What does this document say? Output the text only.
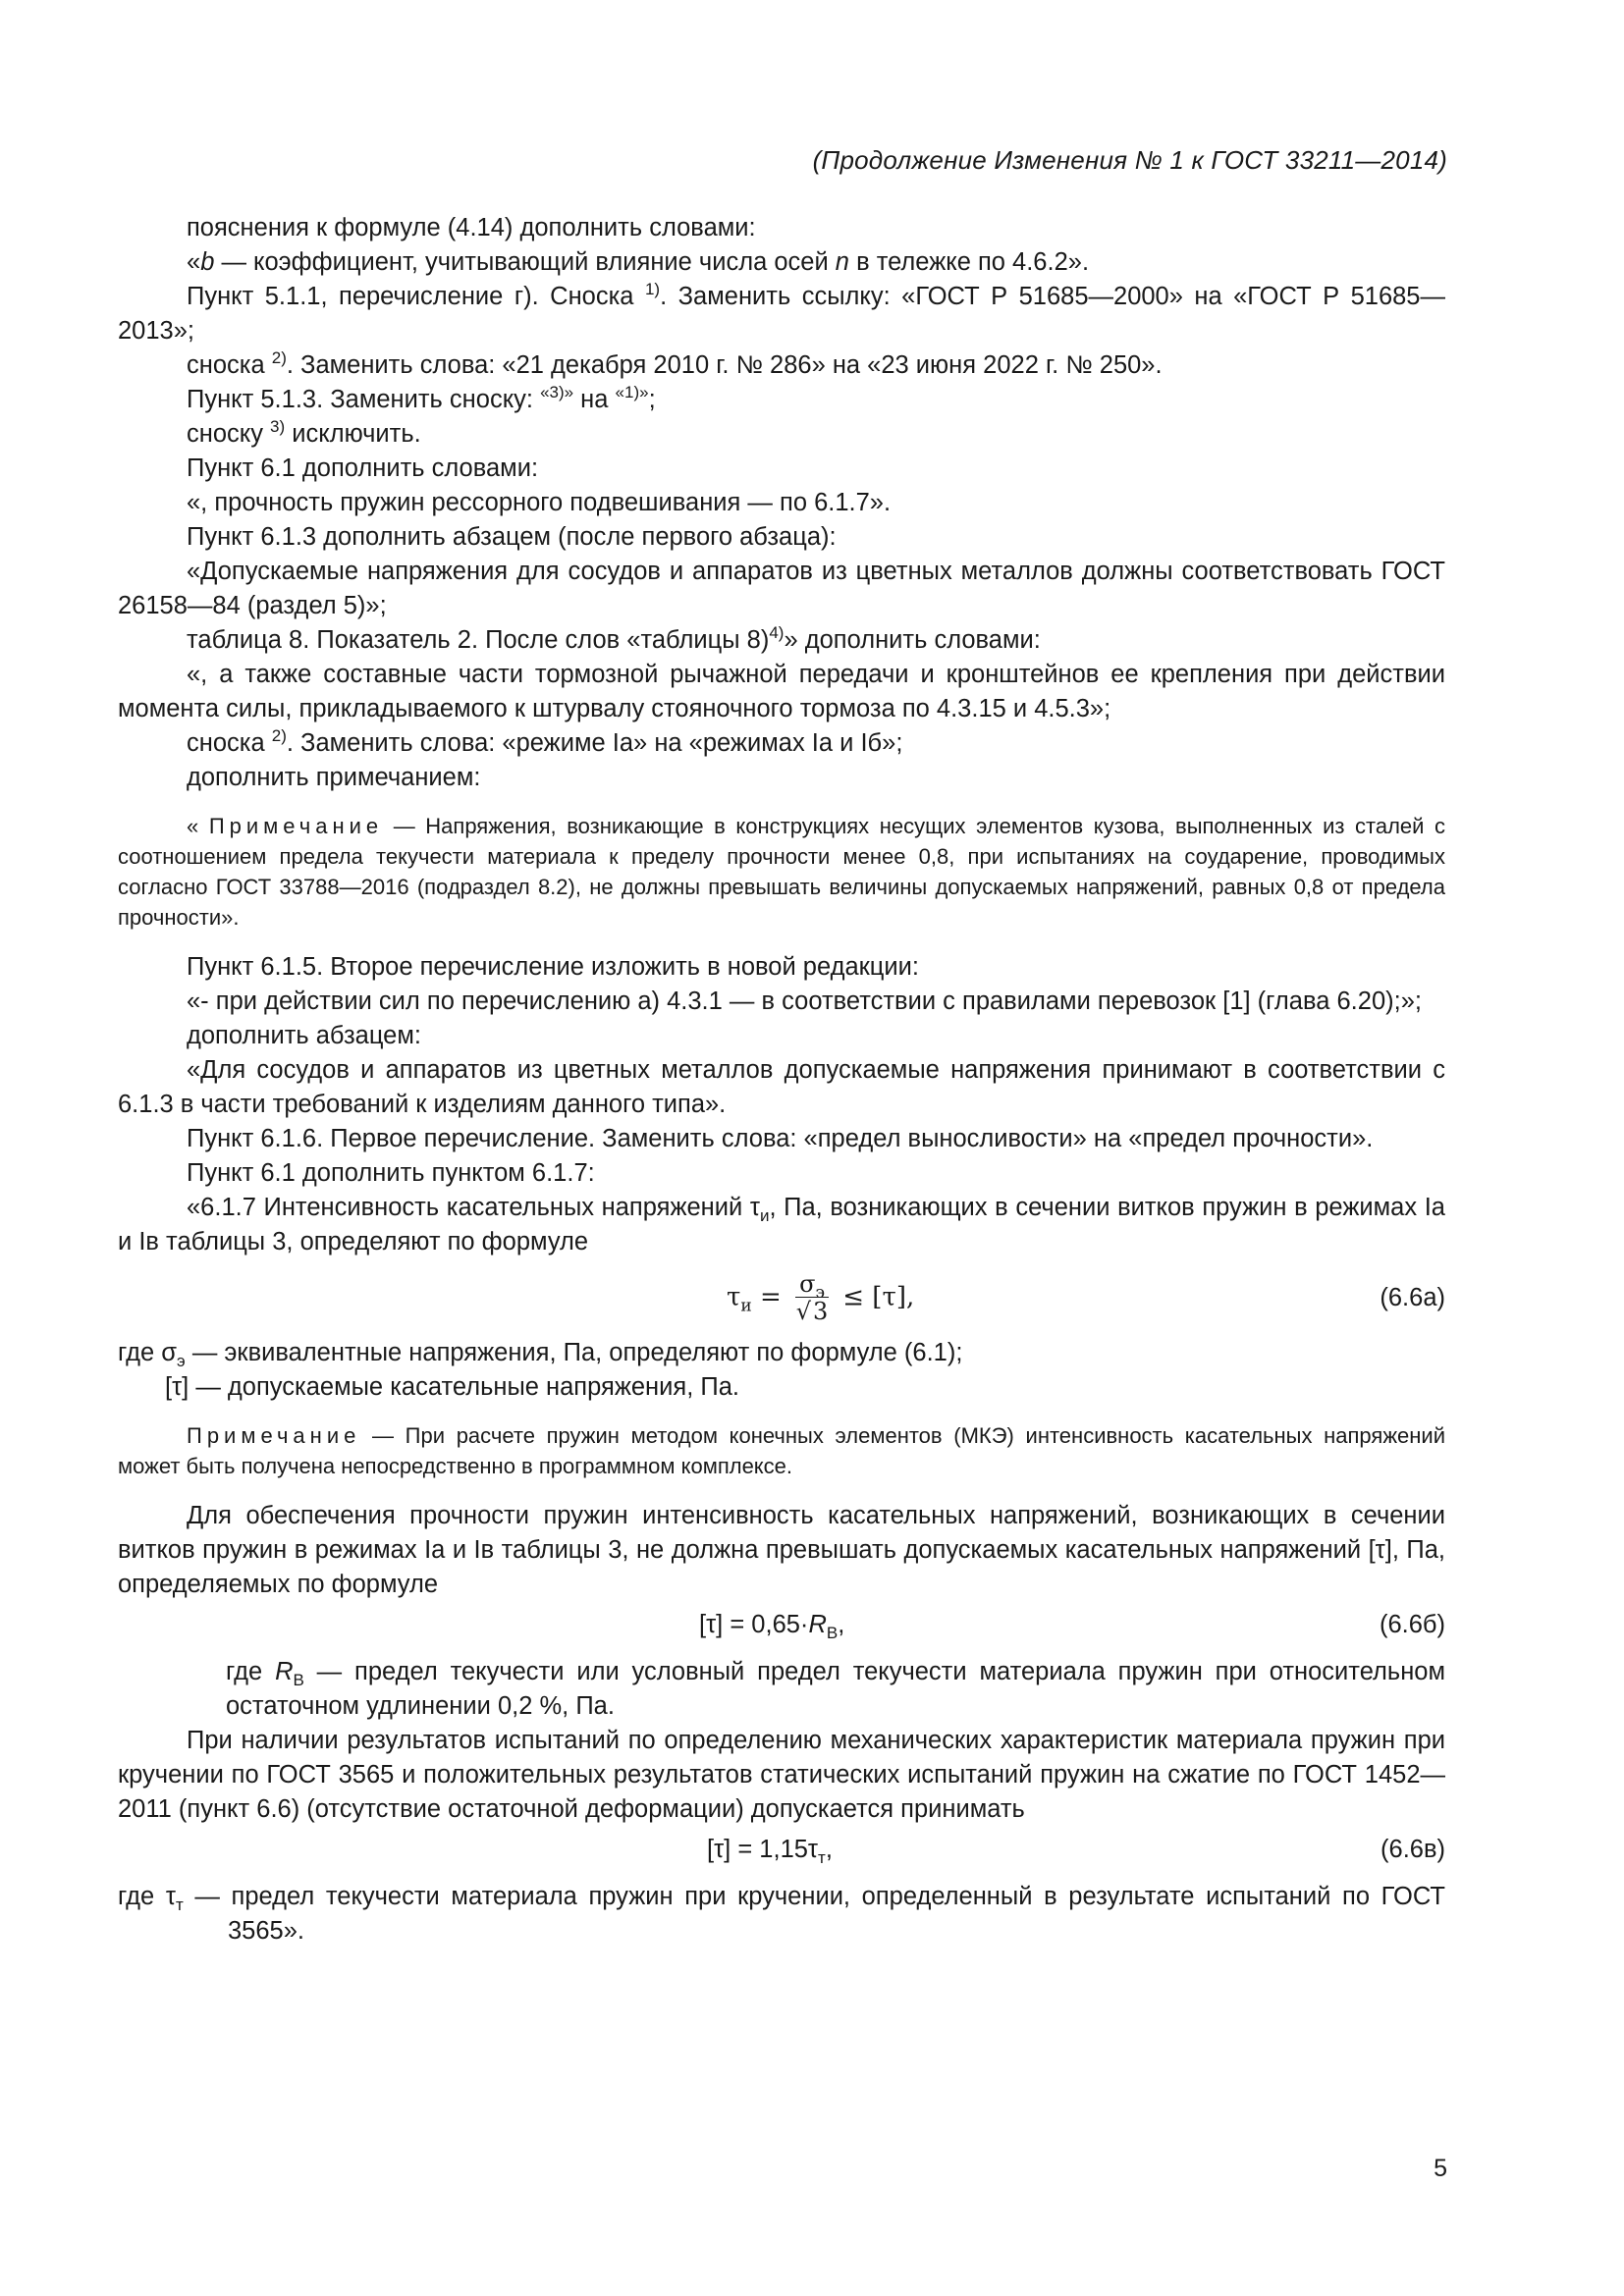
(Продолжение Изменения № 1 к ГОСТ 33211—2014)

пояснения к формуле (4.14) дополнить словами:

«b — коэффициент, учитывающий влияние числа осей n в тележке по 4.6.2».

Пункт 5.1.1, перечисление г). Сноска $^{1)}$. Заменить ссылку: «ГОСТ Р 51685—2000» на «ГОСТ Р 51685—2013»;

сноска $^{2)}$. Заменить слова: «21 декабря 2010 г. № 286» на «23 июня 2022 г. № 250».

Пункт 5.1.3. Заменить сноску: $^{«3)»}$ на $^{«1)»}$;

сноску $^{3)}$ исключить.

Пункт 6.1 дополнить словами:

«, прочность пружин рессорного подвешивания — по 6.1.7».

Пункт 6.1.3 дополнить абзацем (после первого абзаца):

«Допускаемые напряжения для сосудов и аппаратов из цветных металлов должны соответствовать ГОСТ 26158—84 (раздел 5)»;

таблица 8. Показатель 2. После слов «таблицы 8)$^{4)}$» дополнить словами:

«, а также составные части тормозной рычажной передачи и кронштейнов ее крепления при действии момента силы, прикладываемого к штурвалу стояночного тормоза по 4.3.15 и 4.5.3»;

сноска $^{2)}$. Заменить слова: «режиме Iа» на «режимах Iа и Iб»;

дополнить примечанием:

« Примечание — Напряжения, возникающие в конструкциях несущих элементов кузова, выполненных из сталей с соотношением предела текучести материала к пределу прочности менее 0,8, при испытаниях на соударение, проводимых согласно ГОСТ 33788—2016 (подраздел 8.2), не должны превышать величины допускаемых напряжений, равных 0,8 от предела прочности».

Пункт 6.1.5. Второе перечисление изложить в новой редакции:

«- при действии сил по перечислению а) 4.3.1 — в соответствии с правилами перевозок [1] (глава 6.20);»;

дополнить абзацем:

«Для сосудов и аппаратов из цветных металлов допускаемые напряжения принимают в соответствии с 6.1.3 в части требований к изделиям данного типа».

Пункт 6.1.6. Первое перечисление. Заменить слова: «предел выносливости» на «предел прочности».

Пункт 6.1 дополнить пунктом 6.1.7:

«6.1.7 Интенсивность касательных напряжений $\tau_и$, Па, возникающих в сечении витков пружин в режимах Iа и Iв таблицы 3, определяют по формуле

$\tau_и = \frac{\sigma_э}{√3} \le [\tau]$,	(6.6а)

где $\sigma_э$ — эквивалентные напряжения, Па, определяют по формуле (6.1);

[τ] — допускаемые касательные напряжения, Па.

Примечание — При расчете пружин методом конечных элементов (МКЭ) интенсивность касательных напряжений может быть получена непосредственно в программном комплексе.

Для обеспечения прочности пружин интенсивность касательных напряжений, возникающих в сечении витков пружин в режимах Iа и Iв таблицы 3, не должна превышать допускаемых касательных напряжений [τ], Па, определяемых по формуле

$[\tau] = 0,65\cdot R_В$,	(6.6б)

где $R_В$ — предел текучести или условный предел текучести материала пружин при относительном остаточном удлинении 0,2 %, Па.

При наличии результатов испытаний по определению механических характеристик материала пружин при кручении по ГОСТ 3565 и положительных результатов статических испытаний пружин на сжатие по ГОСТ 1452—2011 (пункт 6.6) (отсутствие остаточной деформации) допускается принимать

$[\tau] = 1,15\tau_т$,	(6.6в)

где $\tau_т$ — предел текучести материала пружин при кручении, определенный в результате испытаний по ГОСТ 3565».

5
